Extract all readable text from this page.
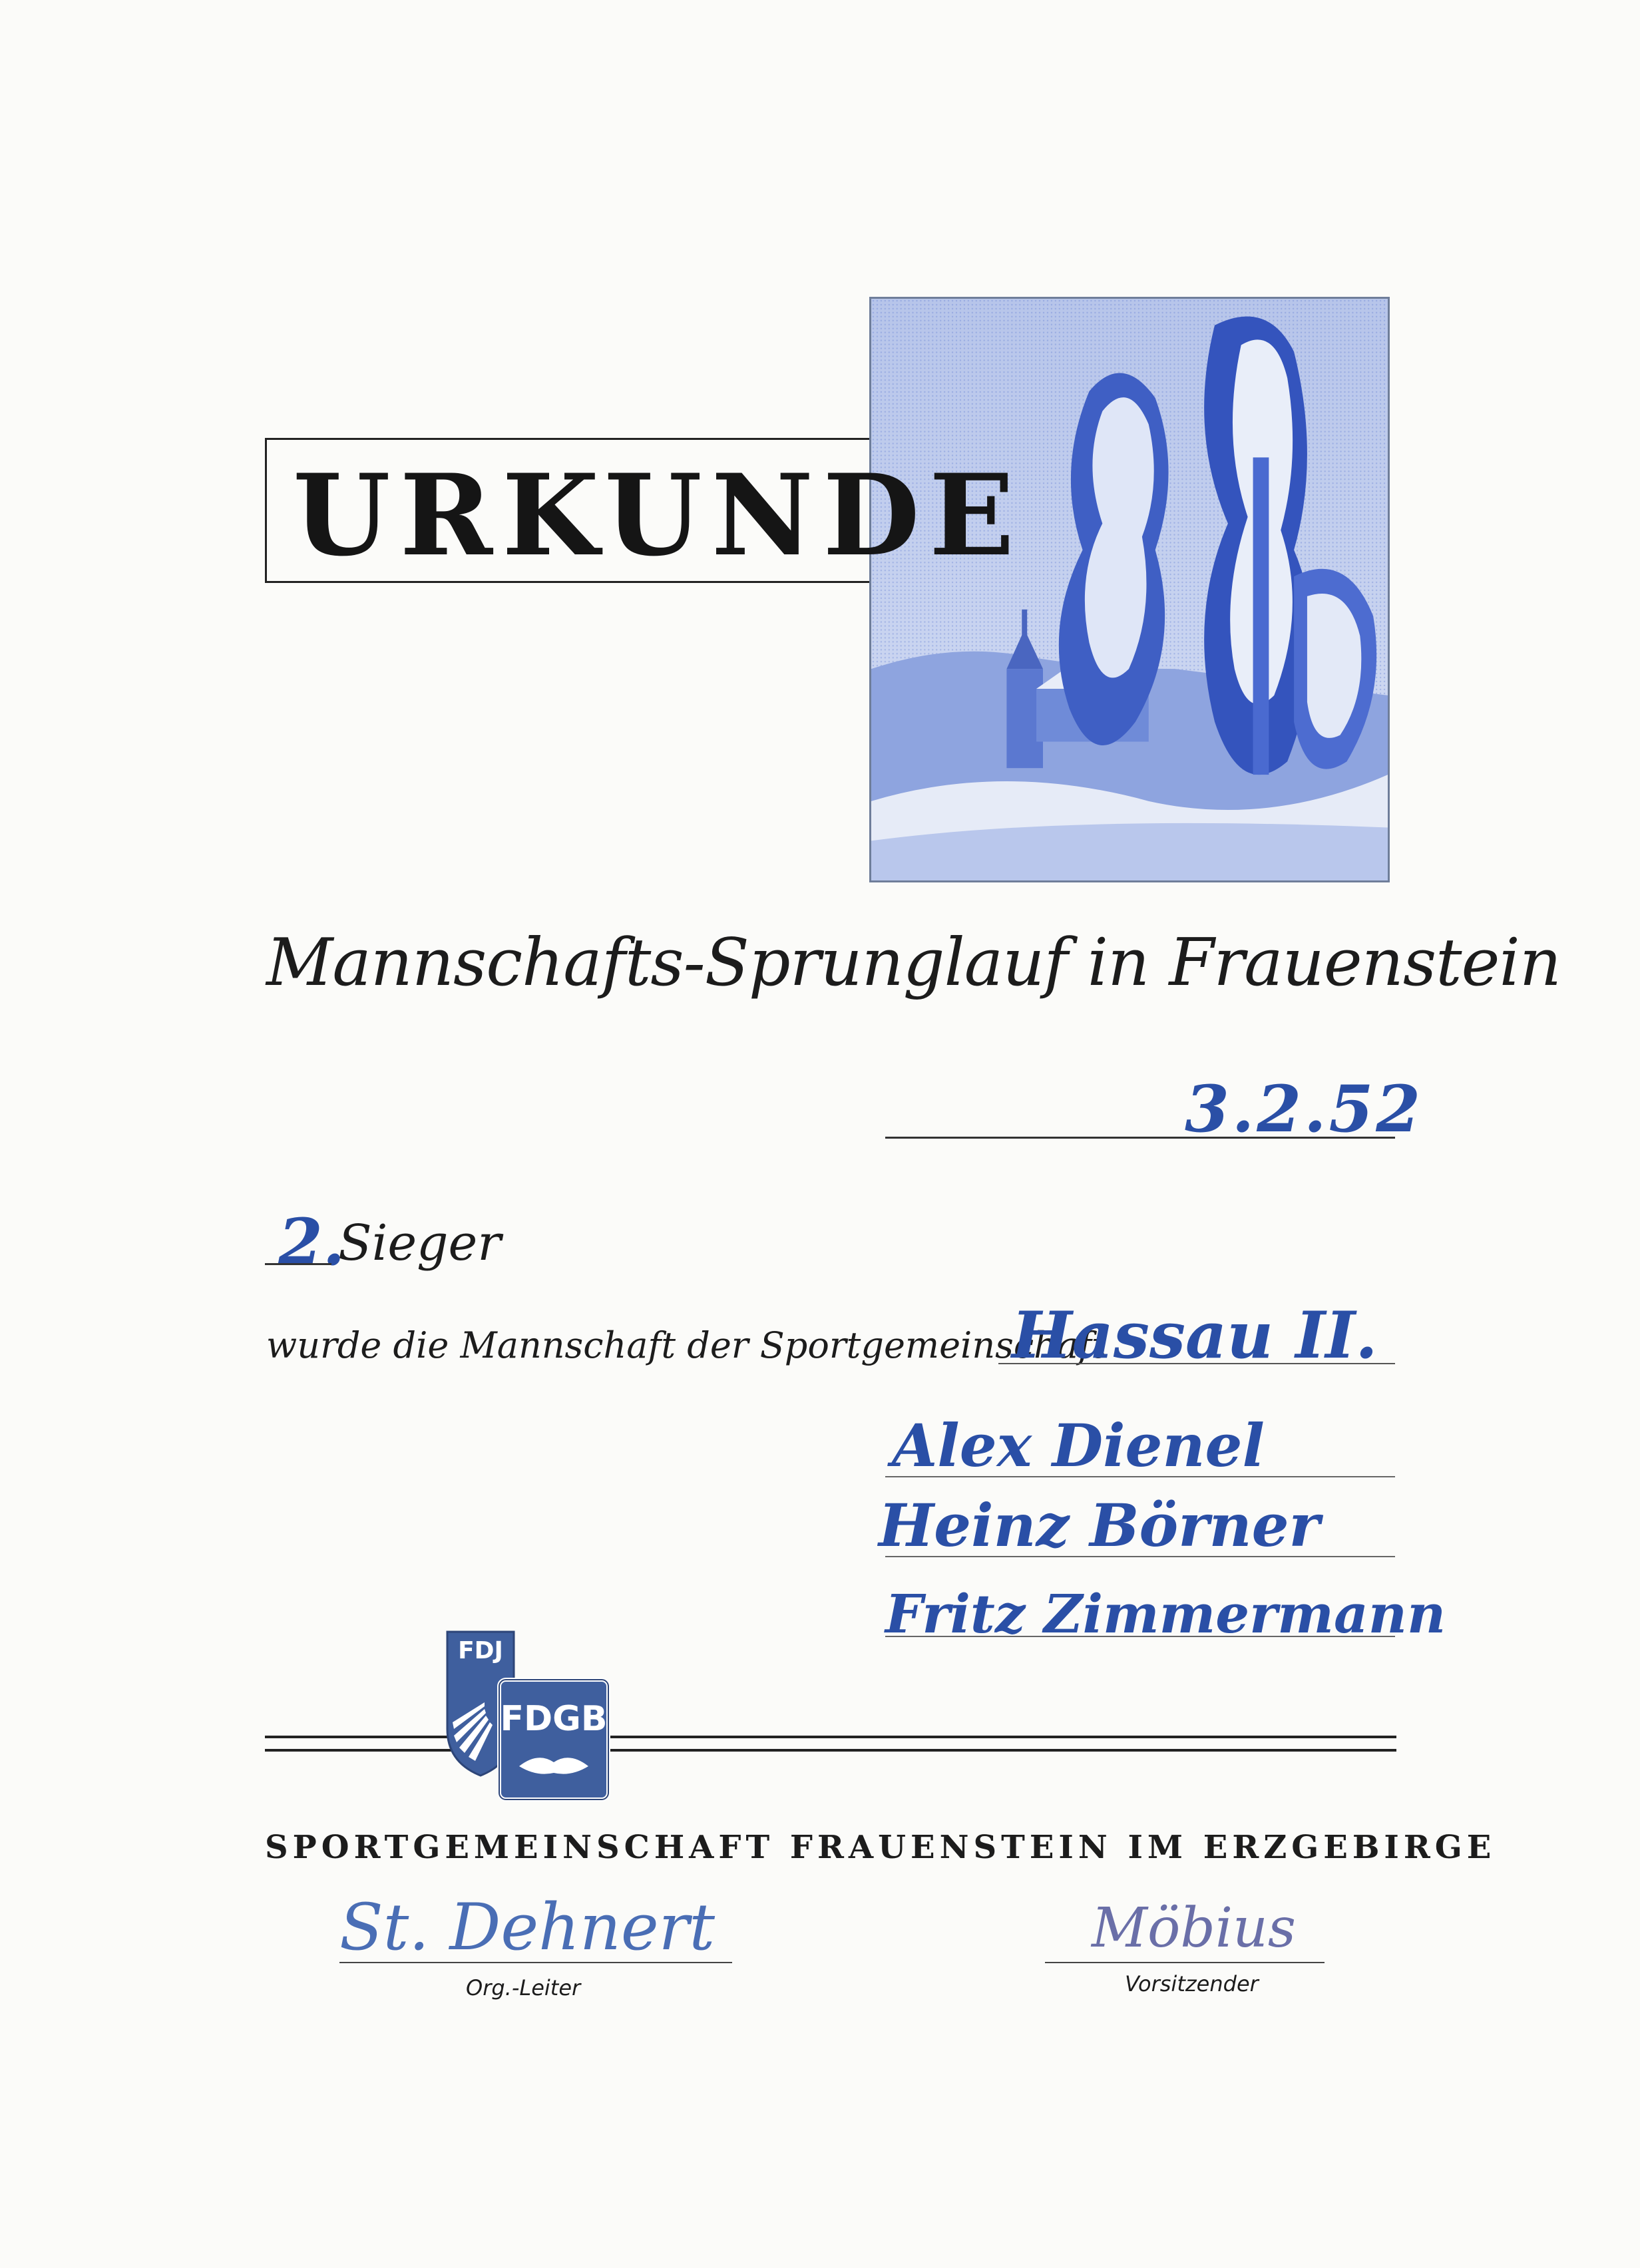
URKUNDE
Mannschafts-Sprunglauf in Frauenstein
3.2.52
2.
Sieger
wurde die Mannschaft der Sportgemeinschaft
Hassau II.
Alex Dienel
Heinz Börner
Fritz Zimmermann
FDJ
FDGB
SPORTGEMEINSCHAFT FRAUENSTEIN IM ERZGEBIRGE
St. Dehnert
Org.-Leiter
Möbius
Vorsitzender
